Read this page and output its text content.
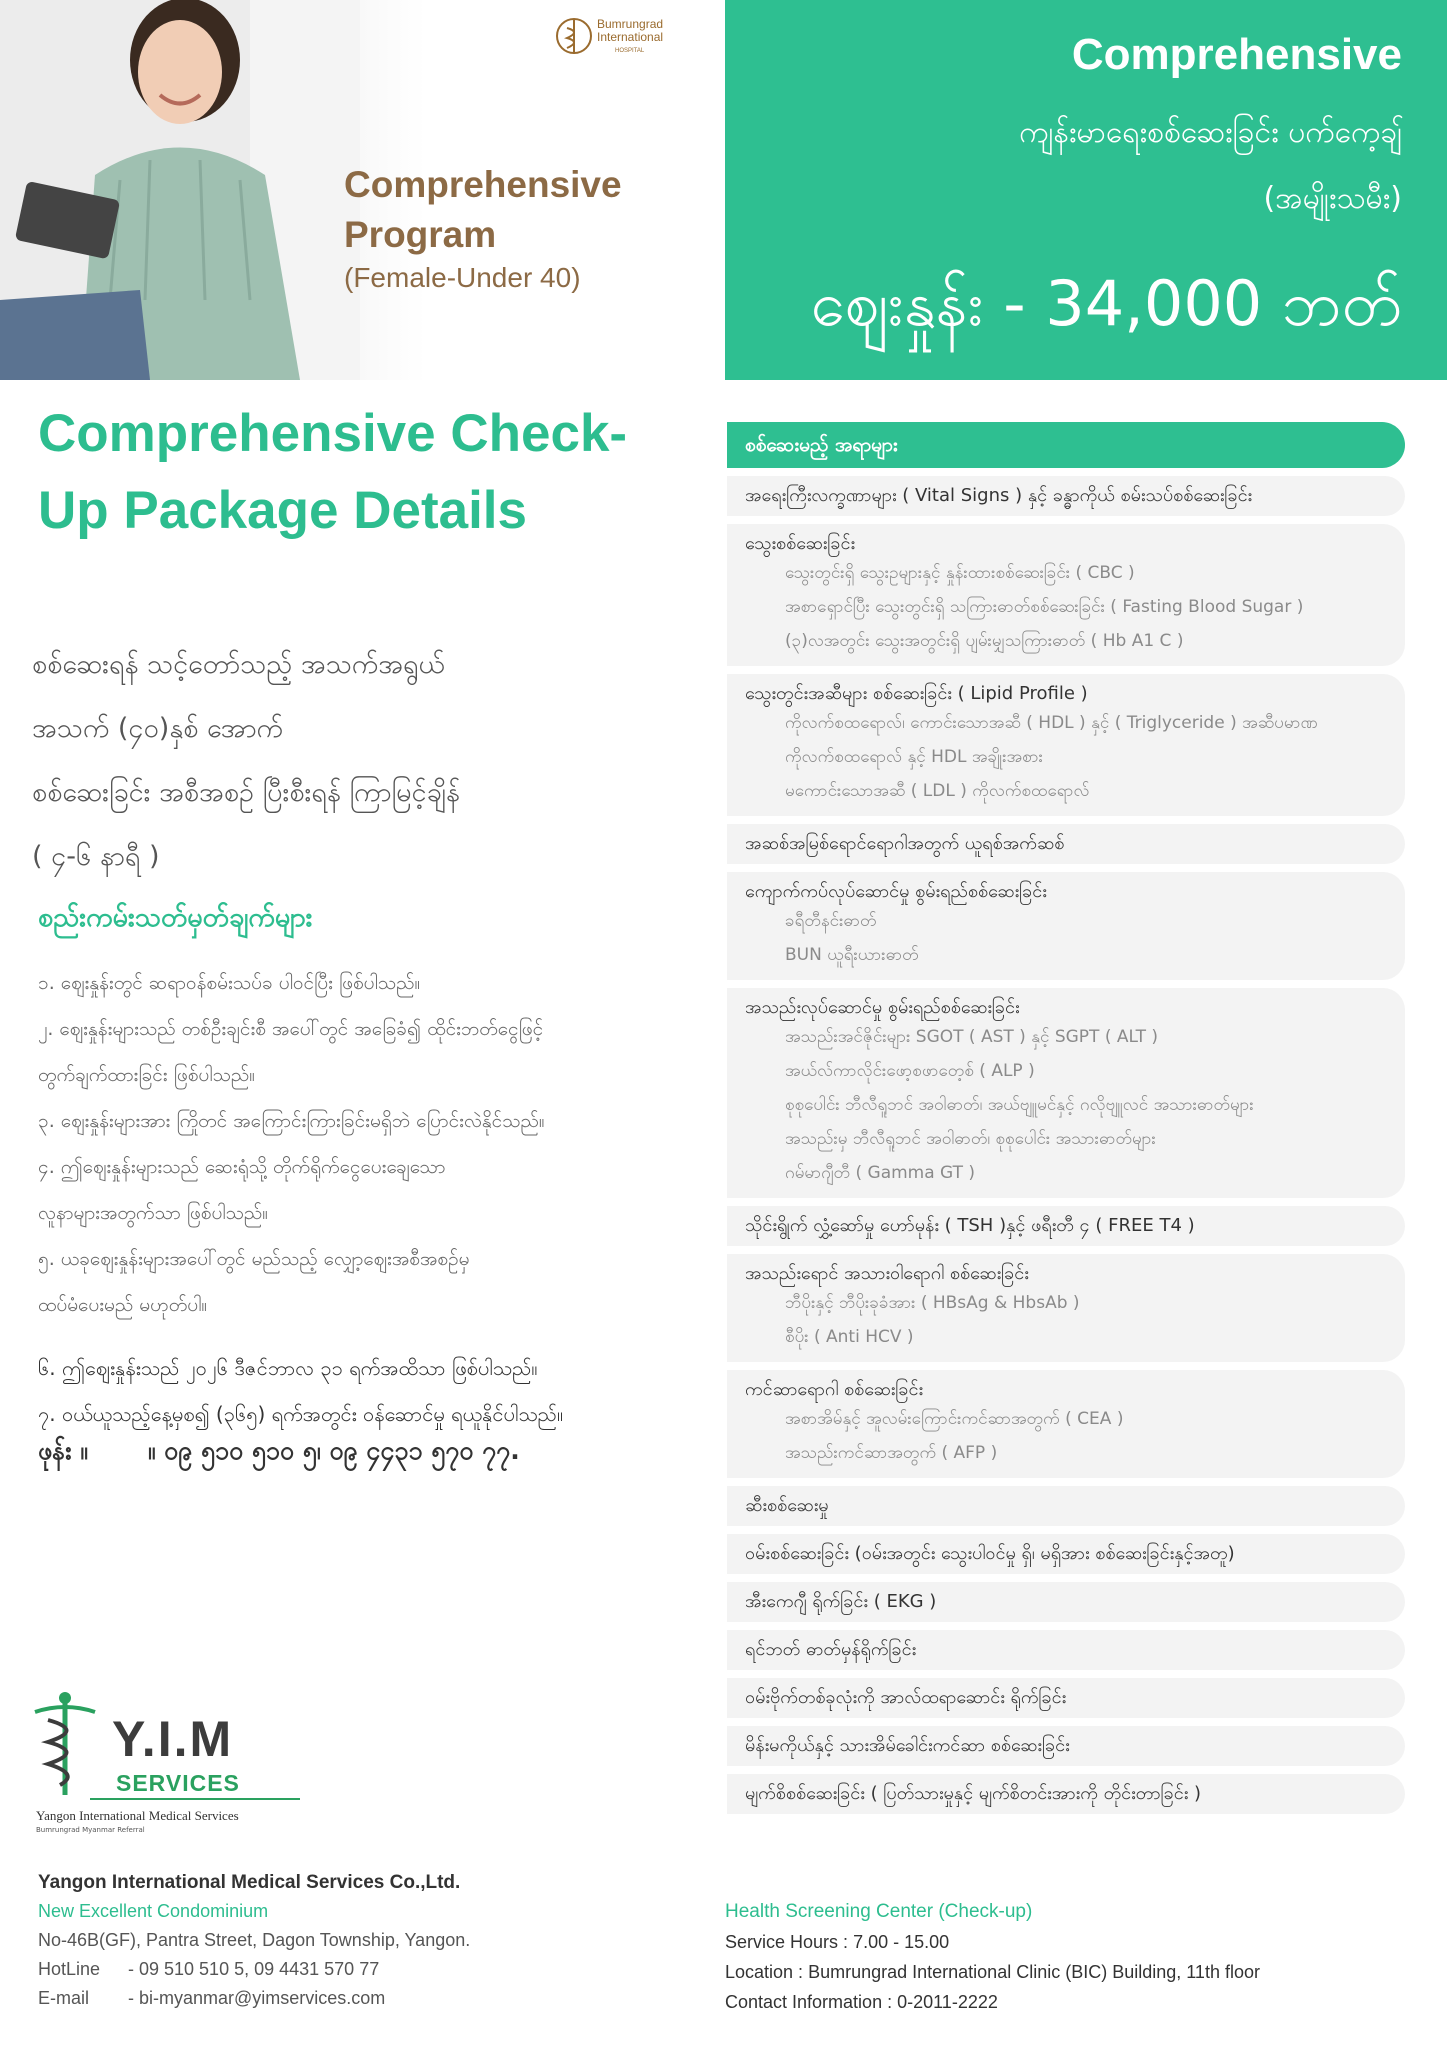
Bumrungrad International
HOSPITAL
Comprehensive Program
(Female-Under 40)
Comprehensive Check-Up Package Details
စစ်ဆေးရန် သင့်တော်သည့် အသက်အရွယ်
အသက် (၄၀)နှစ် အောက်
စစ်ဆေးခြင်း အစီအစဉ် ပြီးစီးရန် ကြာမြင့်ချိန်
( ၄-၆ နာရီ )
စည်းကမ်းသတ်မှတ်ချက်များ
၁. ဈေးနှုန်းတွင် ဆရာဝန်စမ်းသပ်ခ ပါဝင်ပြီး ဖြစ်ပါသည်။
၂. ဈေးနှုန်းများသည် တစ်ဦးချင်းစီ အပေါ်တွင် အခြေခံ၍ ထိုင်းဘတ်ငွေဖြင့်
တွက်ချက်ထားခြင်း ဖြစ်ပါသည်။
၃. ဈေးနှုန်းများအား ကြိုတင် အကြောင်းကြားခြင်းမရှိဘဲ ပြောင်းလဲနိုင်သည်။
၄. ဤဈေးနှုန်းများသည် ဆေးရုံသို့ တိုက်ရိုက်ငွေပေးချေသော
လူနာများအတွက်သာ ဖြစ်ပါသည်။
၅. ယခုဈေးနှုန်းများအပေါ်တွင် မည်သည့် လျှော့ဈေးအစီအစဉ်မှ
ထပ်မံပေးမည် မဟုတ်ပါ။
၆. ဤဈေးနှုန်းသည် ၂၀၂၆ ဒီဇင်ဘာလ ၃၁ ရက်အထိသာ ဖြစ်ပါသည်။
၇. ဝယ်ယူသည့်နေ့မှစ၍ (၃၆၅) ရက်အတွင်း ဝန်ဆောင်မှု ရယူနိုင်ပါသည်။
ဖုန်း ။ ။ ၀၉ ၅၁၀ ၅၁၀ ၅၊ ၀၉ ၄၄၃၁ ၅၇၀ ၇၇.
Y.I.M
SERVICES
Yangon International Medical Services
Bumrungrad Myanmar Referral
Yangon International Medical Services Co.,Ltd.
New Excellent Condominium
No-46B(GF), Pantra Street, Dagon Township, Yangon.
HotLine - 09 510 510 5, 09 4431 570 77
E-mail - bi-myanmar@yimservices.com
Comprehensive
ကျန်းမာရေးစစ်ဆေးခြင်း ပက်ကေ့ချ်
(အမျိုးသမီး)
ဈေးနှုန်း - 34,000 ဘတ်
စစ်ဆေးမည့် အရာများ
အရေးကြီးလက္ခဏာများ ( Vital Signs ) နှင့် ခန္ဓာကိုယ် စမ်းသပ်စစ်ဆေးခြင်း
သွေးစစ်ဆေးခြင်း
သွေးတွင်းရှိ သွေးဥများနှင့် နှုန်းထားစစ်ဆေးခြင်း ( CBC )
အစာရှောင်ပြီး သွေးတွင်းရှိ သကြားဓာတ်စစ်ဆေးခြင်း ( Fasting Blood Sugar )
(၃)လအတွင်း သွေးအတွင်းရှိ ပျမ်းမျှသကြားဓာတ် ( Hb A1 C )
သွေးတွင်းအဆီများ စစ်ဆေးခြင်း ( Lipid Profile )
ကိုလက်စထရောလ်၊ ကောင်းသောအဆီ ( HDL ) နှင့် ( Triglyceride ) အဆီပမာဏ
ကိုလက်စထရောလ် နှင့် HDL အချိုးအစား
မကောင်းသောအဆီ ( LDL ) ကိုလက်စထရောလ်
အဆစ်အမြစ်ရောင်ရောဂါအတွက် ယူရစ်အက်ဆစ်
ကျောက်ကပ်လုပ်ဆောင်မှု စွမ်းရည်စစ်ဆေးခြင်း
ခရီတီနင်းဓာတ်
BUN ယူရီးယားဓာတ်
အသည်းလုပ်ဆောင်မှု စွမ်းရည်စစ်ဆေးခြင်း
အသည်းအင်ဇိုင်းများ SGOT ( AST ) နှင့် SGPT ( ALT )
အယ်လ်ကာလိုင်းဖော့စဖာတေ့စ် ( ALP )
စုစုပေါင်း ဘီလီရူဘင် အဝါဓာတ်၊ အယ်ဗျူမင်နှင့် ဂလိုဗျူလင် အသားဓာတ်များ
အသည်းမှ ဘီလီရူဘင် အဝါဓာတ်၊ စုစုပေါင်း အသားဓာတ်များ
ဂမ်မာဂျီတီ ( Gamma GT )
သိုင်းရွိုက် လွှံ့ဆော်မှု ဟော်မုန်း ( TSH )နှင့် ဖရီးတီ ၄ ( FREE T4 )
အသည်းရောင် အသားဝါရောဂါ စစ်ဆေးခြင်း
ဘီပိုးနှင့် ဘီပိုးခုခံအား ( HBsAg & HbsAb )
စီပိုး ( Anti HCV )
ကင်ဆာရောဂါ စစ်ဆေးခြင်း
အစာအိမ်နှင့် အူလမ်းကြောင်းကင်ဆာအတွက် ( CEA )
အသည်းကင်ဆာအတွက် ( AFP )
ဆီးစစ်ဆေးမှု
ဝမ်းစစ်ဆေးခြင်း (ဝမ်းအတွင်း သွေးပါဝင်မှု ရှိ၊ မရှိအား စစ်ဆေးခြင်းနှင့်အတူ)
အီးကေဂျီ ရိုက်ခြင်း ( EKG )
ရင်ဘတ် ဓာတ်မှန်ရိုက်ခြင်း
ဝမ်းဗိုက်တစ်ခုလုံးကို အာလ်ထရာဆောင်း ရိုက်ခြင်း
မိန်းမကိုယ်နှင့် သားအိမ်ခေါင်းကင်ဆာ စစ်ဆေးခြင်း
မျက်စိစစ်ဆေးခြင်း ( ပြတ်သားမှုနှင့် မျက်စိတင်းအားကို တိုင်းတာခြင်း )
Health Screening Center (Check-up)
Service Hours : 7.00 - 15.00
Location : Bumrungrad International Clinic (BIC) Building, 11th floor
Contact Information : 0-2011-2222
